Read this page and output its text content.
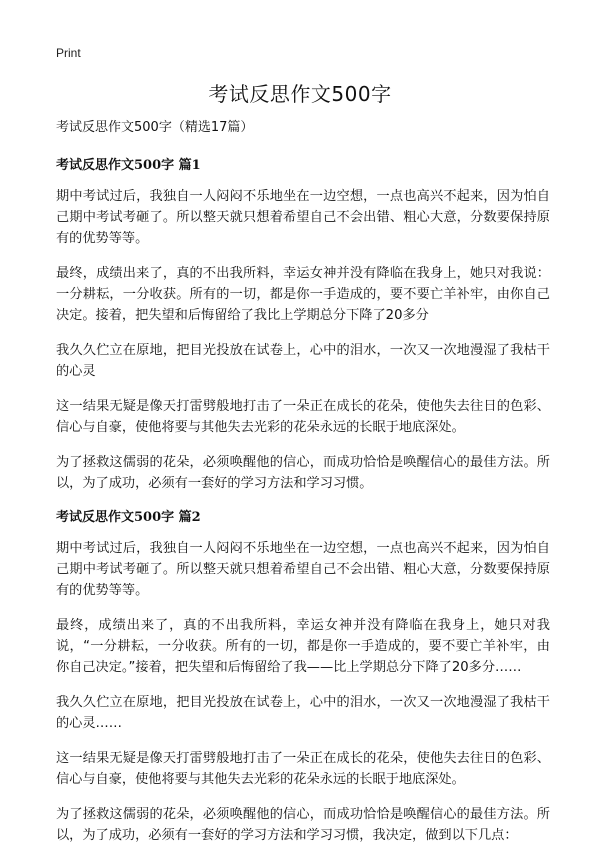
Print
考试反思作文500字

考试反思作文500字（精选17篇）

考试反思作文500字 篇1

期中考试过后，我独自一人闷闷不乐地坐在一边空想，一点也高兴不起来，因为怕自己期中考试考砸了。所以整天就只想着希望自己不会出错、粗心大意，分数要保持原有的优势等等。

最终，成绩出来了，真的不出我所料，幸运女神并没有降临在我身上，她只对我说：一分耕耘，一分收获。所有的一切，都是你一手造成的，要不要亡羊补牢，由你自己决定。接着，把失望和后悔留给了我比上学期总分下降了20多分

我久久伫立在原地，把目光投放在试卷上，心中的泪水，一次又一次地漫湿了我枯干的心灵

这一结果无疑是像天打雷劈般地打击了一朵正在成长的花朵，使他失去往日的色彩、信心与自豪，使他将要与其他失去光彩的花朵永远的长眠于地底深处。

为了拯救这儒弱的花朵，必须唤醒他的信心，而成功恰恰是唤醒信心的最佳方法。所以，为了成功，必须有一套好的学习方法和学习习惯。

考试反思作文500字 篇2

期中考试过后，我独自一人闷闷不乐地坐在一边空想，一点也高兴不起来，因为怕自己期中考试考砸了。所以整天就只想着希望自己不会出错、粗心大意，分数要保持原有的优势等等。

最终，成绩出来了，真的不出我所料，幸运女神并没有降临在我身上，她只对我说，“一分耕耘，一分收获。所有的一切，都是你一手造成的，要不要亡羊补牢，由你自己决定。”接着，把失望和后悔留给了我——比上学期总分下降了20多分……

我久久伫立在原地，把目光投放在试卷上，心中的泪水，一次又一次地漫湿了我枯干的心灵……

这一结果无疑是像天打雷劈般地打击了一朵正在成长的花朵，使他失去往日的色彩、信心与自豪，使他将要与其他失去光彩的花朵永远的长眠于地底深处。

为了拯救这儒弱的花朵，必须唤醒他的信心，而成功恰恰是唤醒信心的最佳方法。所以，为了成功，必须有一套好的学习方法和学习习惯，我决定，做到以下几点：
